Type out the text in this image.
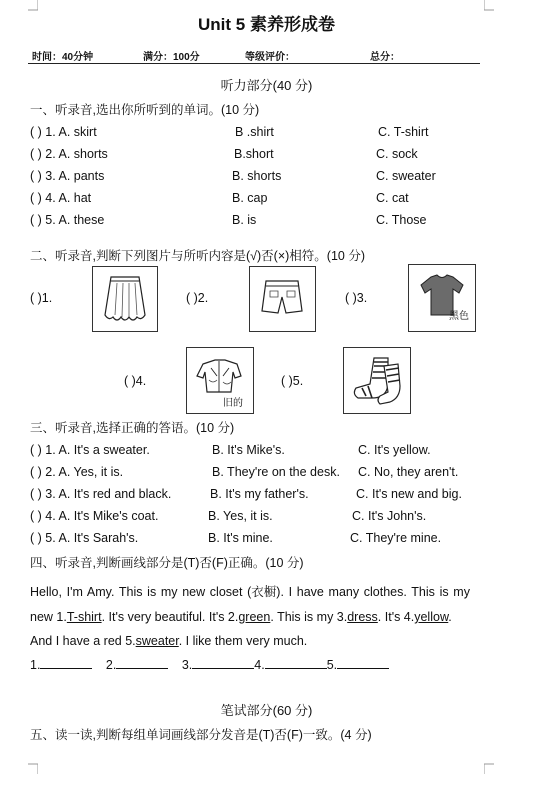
Unit 5 素养形成卷
时间：40分钟	满分：100分	等级评价：	总分：
听力部分(40 分)
一、听录音,选出你所听到的单词。(10 分)
( ) 1. A. skirt	B .shirt	C. T-shirt
( ) 2. A. shorts	B.short	C. sock
( ) 3. A. pants	B. shorts	C. sweater
( ) 4. A. hat	B. cap	C. cat
( ) 5. A. these	B. is	C. Those
二、听录音,判断下列图片与所听内容是(√)否(×)相符。(10 分)
( )1.	( )2.	( )3.
黑色
( )4.
旧的
( )5.
三、听录音,选择正确的答语。(10 分)
( ) 1. A. It's a sweater.	B. It's Mike's.	C. It's yellow.
( ) 2. A. Yes, it is.	B. They're on the desk. C. No, they aren't.
( ) 3. A. It's red and black.	B. It's my father's.	C. It's new and big.
( ) 4. A. It's Mike's coat.	B. Yes, it is.	C. It's John's.
( ) 5. A. It's Sarah's.	B. It's mine.	C. They're mine.
四、听录音,判断画线部分是(T)否(F)正确。(10 分)
Hello, I'm Amy. This is my new closet (衣橱). I have many clothes. This is my
new 1.T-shirt. It's very beautiful. It's 2.green. This is my 3.dress. It's 4.yellow.
And I have a red 5.sweater. I like them very much.
1.	2.	3.	4.	5.
笔试部分(60 分)
五、读一读,判断每组单词画线部分发音是(T)否(F)一致。(4 分)
